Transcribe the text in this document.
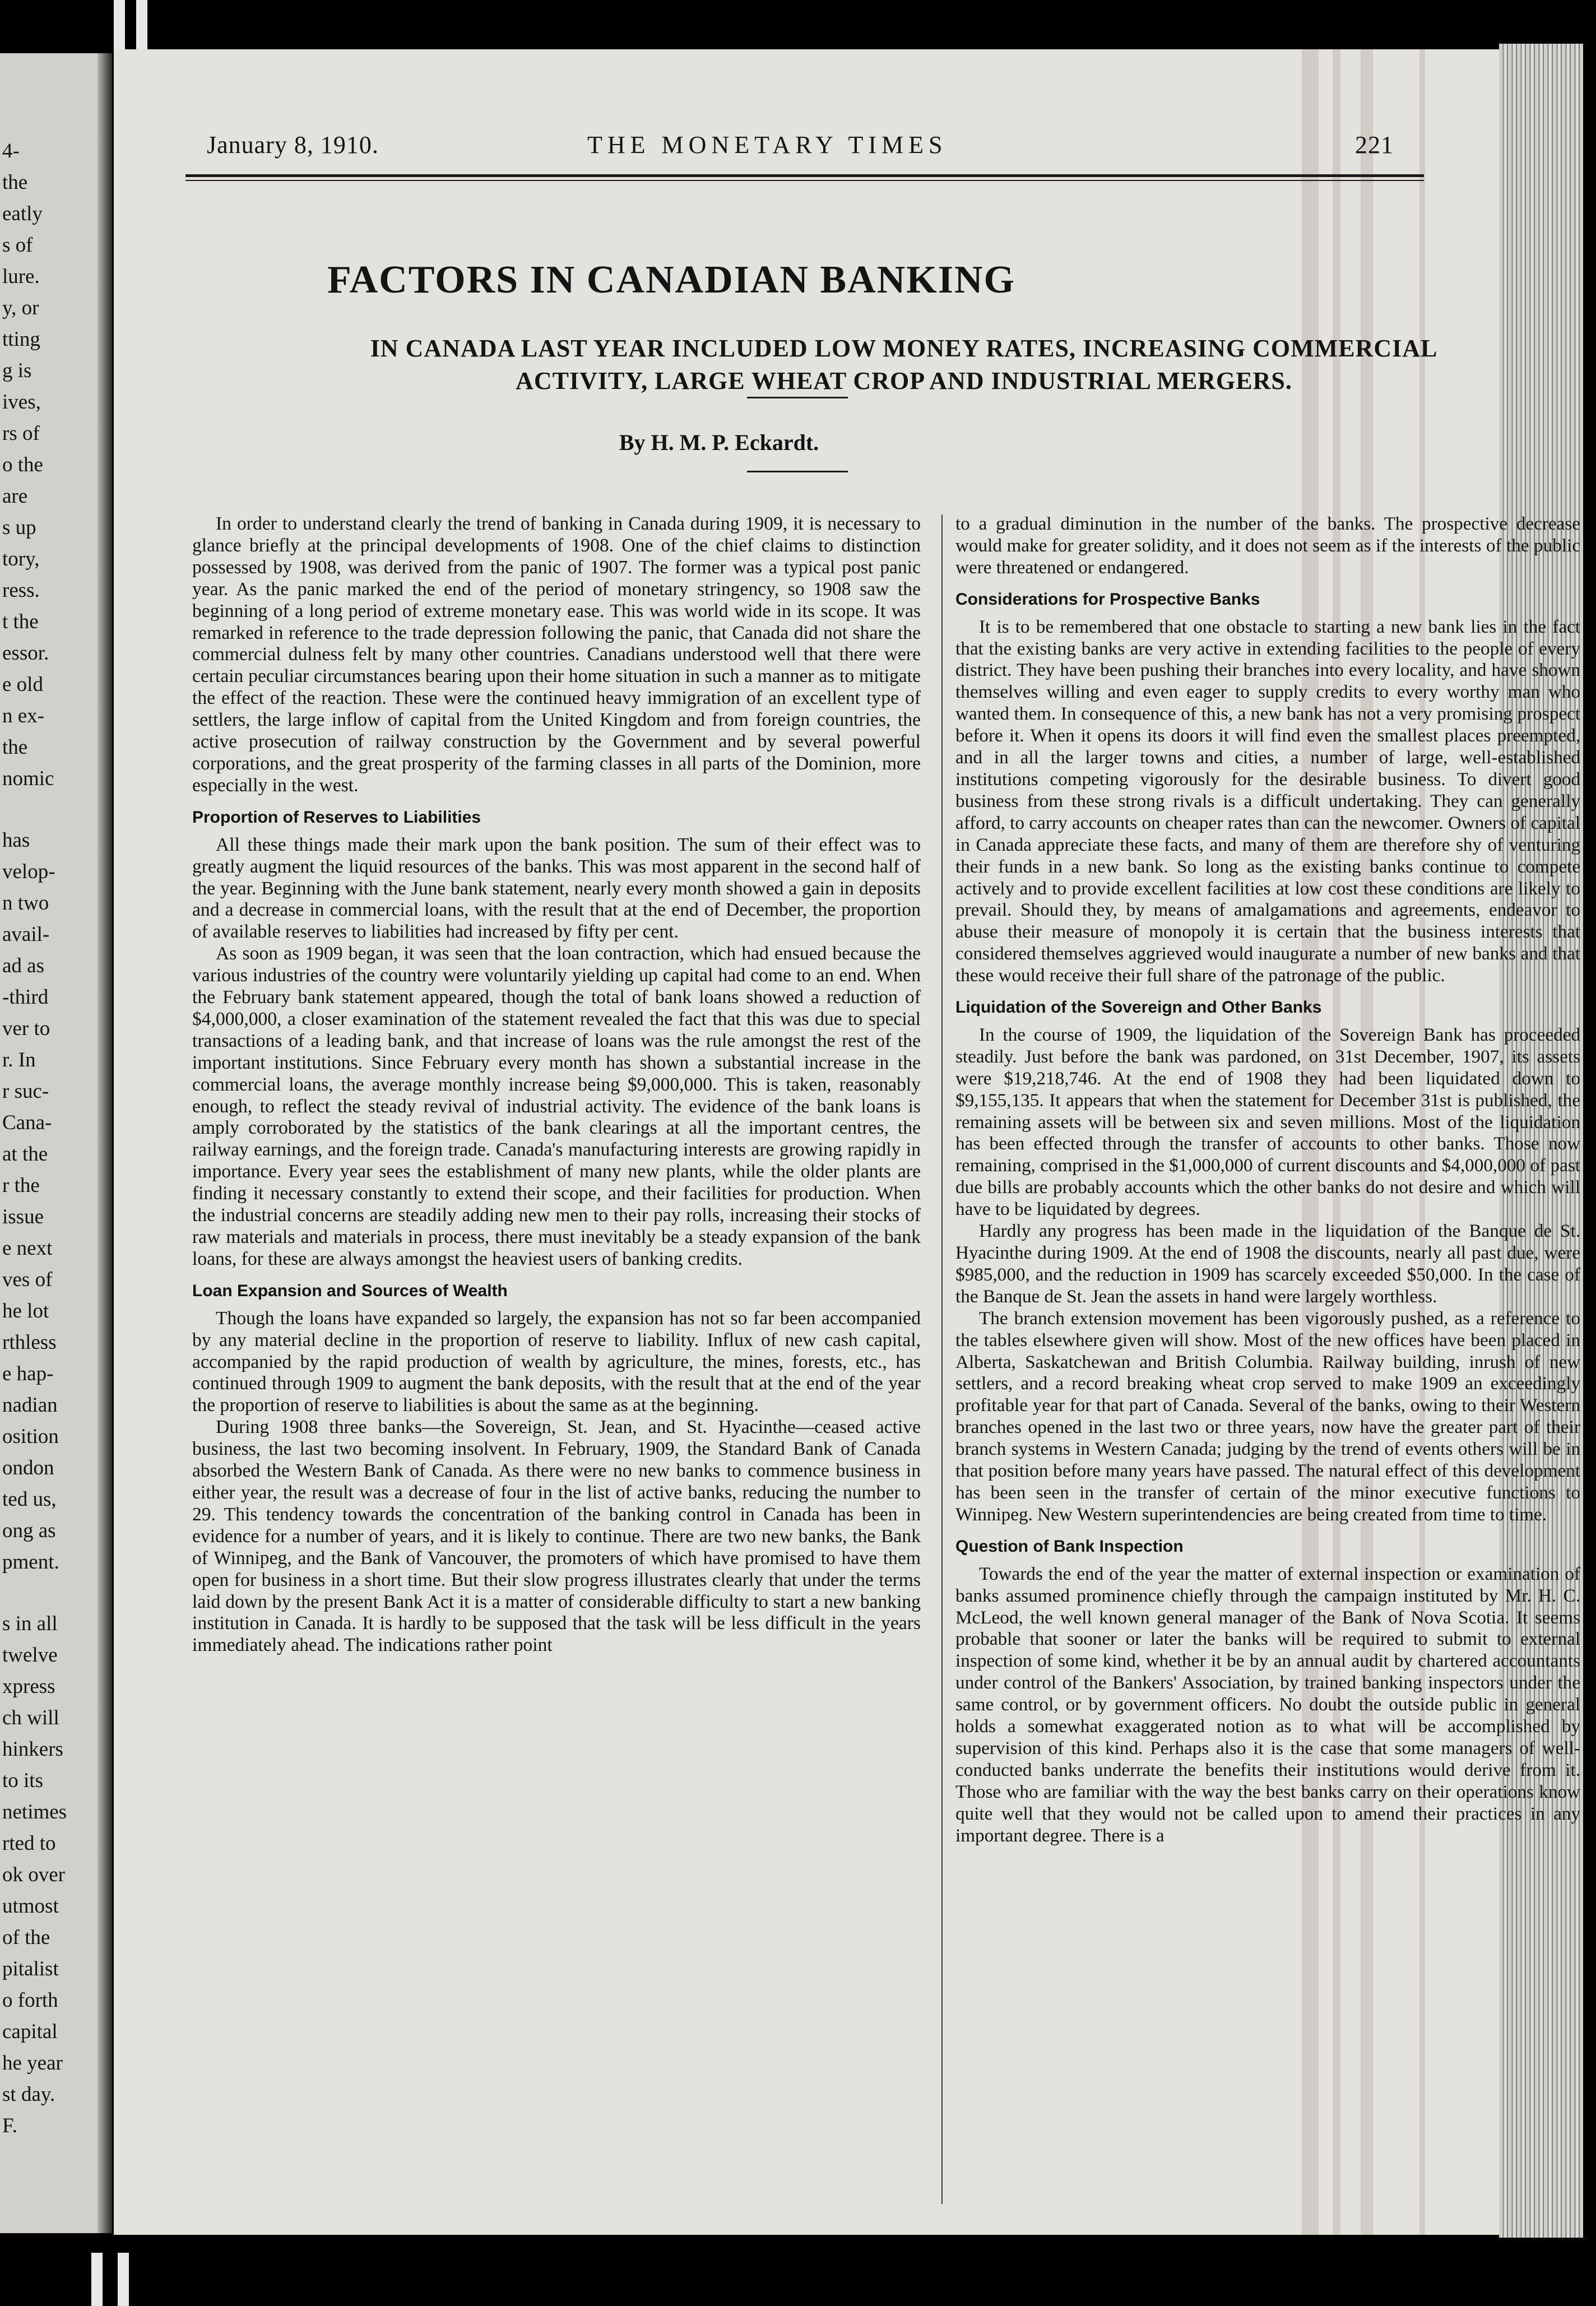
4-
the
eatly
s of
lure.
y, or
tting
g is
ives,
rs of
o the
are
s up
tory,
ress.
t the
essor.
e old
n ex-
the
nomic
has
velop-
n two
avail-
ad as
-third
ver to
r. In
r suc-
Cana-
at the
r the
issue
e next
ves of
he lot
rthless
e hap-
nadian
osition
ondon
ted us,
ong as
pment.
s in all
twelve
xpress
ch will
hinkers
to its
netimes
rted to
ok over
utmost
of the
pitalist
o forth
capital
he year
st day.
F.
January 8, 1910.	THE MONETARY TIMES	221
FACTORS IN CANADIAN BANKING
IN CANADA LAST YEAR INCLUDED LOW MONEY RATES, INCREASING COMMERCIAL ACTIVITY, LARGE WHEAT CROP AND INDUSTRIAL MERGERS.
By H. M. P. Eckardt.

In order to understand clearly the trend of banking in Canada during 1909, it is necessary to glance briefly at the principal developments of 1908. One of the chief claims to distinction possessed by 1908, was derived from the panic of 1907. The former was a typical post panic year. As the panic marked the end of the period of monetary stringency, so 1908 saw the beginning of a long period of extreme monetary ease. This was world wide in its scope. It was remarked in reference to the trade depression following the panic, that Canada did not share the commercial dulness felt by many other countries. Canadians understood well that there were certain peculiar circumstances bearing upon their home situation in such a manner as to mitigate the effect of the reaction. These were the continued heavy immigration of an excellent type of settlers, the large inflow of capital from the United Kingdom and from foreign countries, the active prosecution of railway construction by the Government and by several powerful corporations, and the great prosperity of the farming classes in all parts of the Dominion, more especially in the west.

Proportion of Reserves to Liabilities

All these things made their mark upon the bank position. The sum of their effect was to greatly augment the liquid resources of the banks. This was most apparent in the second half of the year. Beginning with the June bank statement, nearly every month showed a gain in deposits and a decrease in commercial loans, with the result that at the end of December, the proportion of available reserves to liabilities had increased by fifty per cent.

As soon as 1909 began, it was seen that the loan contraction, which had ensued because the various industries of the country were voluntarily yielding up capital had come to an end. When the February bank statement appeared, though the total of bank loans showed a reduction of $4,000,000, a closer examination of the statement revealed the fact that this was due to special transactions of a leading bank, and that increase of loans was the rule amongst the rest of the important institutions. Since February every month has shown a substantial increase in the commercial loans, the average monthly increase being $9,000,000. This is taken, reasonably enough, to reflect the steady revival of industrial activity. The evidence of the bank loans is amply corroborated by the statistics of the bank clearings at all the important centres, the railway earnings, and the foreign trade. Canada's manufacturing interests are growing rapidly in importance. Every year sees the establishment of many new plants, while the older plants are finding it necessary constantly to extend their scope, and their facilities for production. When the industrial concerns are steadily adding new men to their pay rolls, increasing their stocks of raw materials and materials in process, there must inevitably be a steady expansion of the bank loans, for these are always amongst the heaviest users of banking credits.

Loan Expansion and Sources of Wealth

Though the loans have expanded so largely, the expansion has not so far been accompanied by any material decline in the proportion of reserve to liability. Influx of new cash capital, accompanied by the rapid production of wealth by agriculture, the mines, forests, etc., has continued through 1909 to augment the bank deposits, with the result that at the end of the year the proportion of reserve to liabilities is about the same as at the beginning.

During 1908 three banks—the Sovereign, St. Jean, and St. Hyacinthe—ceased active business, the last two becoming insolvent. In February, 1909, the Standard Bank of Canada absorbed the Western Bank of Canada. As there were no new banks to commence business in either year, the result was a decrease of four in the list of active banks, reducing the number to 29. This tendency towards the concentration of the banking control in Canada has been in evidence for a number of years, and it is likely to continue. There are two new banks, the Bank of Winnipeg, and the Bank of Vancouver, the promoters of which have promised to have them open for business in a short time. But their slow progress illustrates clearly that under the terms laid down by the present Bank Act it is a matter of considerable difficulty to start a new banking institution in Canada. It is hardly to be supposed that the task will be less difficult in the years immediately ahead. The indications rather point

to a gradual diminution in the number of the banks. The prospective decrease would make for greater solidity, and it does not seem as if the interests of the public were threatened or endangered.

Considerations for Prospective Banks

It is to be remembered that one obstacle to starting a new bank lies in the fact that the existing banks are very active in extending facilities to the people of every district. They have been pushing their branches into every locality, and have shown themselves willing and even eager to supply credits to every worthy man who wanted them. In consequence of this, a new bank has not a very promising prospect before it. When it opens its doors it will find even the smallest places preempted, and in all the larger towns and cities, a number of large, well-established institutions competing vigorously for the desirable business. To divert good business from these strong rivals is a difficult undertaking. They can generally afford, to carry accounts on cheaper rates than can the newcomer. Owners of capital in Canada appreciate these facts, and many of them are therefore shy of venturing their funds in a new bank. So long as the existing banks continue to compete actively and to provide excellent facilities at low cost these conditions are likely to prevail. Should they, by means of amalgamations and agreements, endeavor to abuse their measure of monopoly it is certain that the business interests that considered themselves aggrieved would inaugurate a number of new banks and that these would receive their full share of the patronage of the public.

Liquidation of the Sovereign and Other Banks

In the course of 1909, the liquidation of the Sovereign Bank has proceeded steadily. Just before the bank was pardoned, on 31st December, 1907, its assets were $19,218,746. At the end of 1908 they had been liquidated down to $9,155,135. It appears that when the statement for December 31st is published, the remaining assets will be between six and seven millions. Most of the liquidation has been effected through the transfer of accounts to other banks. Those now remaining, comprised in the $1,000,000 of current discounts and $4,000,000 of past due bills are probably accounts which the other banks do not desire and which will have to be liquidated by degrees.

Hardly any progress has been made in the liquidation of the Banque de St. Hyacinthe during 1909. At the end of 1908 the discounts, nearly all past due, were $985,000, and the reduction in 1909 has scarcely exceeded $50,000. In the case of the Banque de St. Jean the assets in hand were largely worthless.

The branch extension movement has been vigorously pushed, as a reference to the tables elsewhere given will show. Most of the new offices have been placed in Alberta, Saskatchewan and British Columbia. Railway building, inrush of new settlers, and a record breaking wheat crop served to make 1909 an exceedingly profitable year for that part of Canada. Several of the banks, owing to their Western branches opened in the last two or three years, now have the greater part of their branch systems in Western Canada; judging by the trend of events others will be in that position before many years have passed. The natural effect of this development has been seen in the transfer of certain of the minor executive functions to Winnipeg. New Western superintendencies are being created from time to time.

Question of Bank Inspection

Towards the end of the year the matter of external inspection or examination of banks assumed prominence chiefly through the campaign instituted by Mr. H. C. McLeod, the well known general manager of the Bank of Nova Scotia. It seems probable that sooner or later the banks will be required to submit to external inspection of some kind, whether it be by an annual audit by chartered accountants under control of the Bankers' Association, by trained banking inspectors under the same control, or by government officers. No doubt the outside public in general holds a somewhat exaggerated notion as to what will be accomplished by supervision of this kind. Perhaps also it is the case that some managers of well-conducted banks underrate the benefits their institutions would derive from it. Those who are familiar with the way the best banks carry on their operations know quite well that they would not be called upon to amend their practices in any important degree. There is a
